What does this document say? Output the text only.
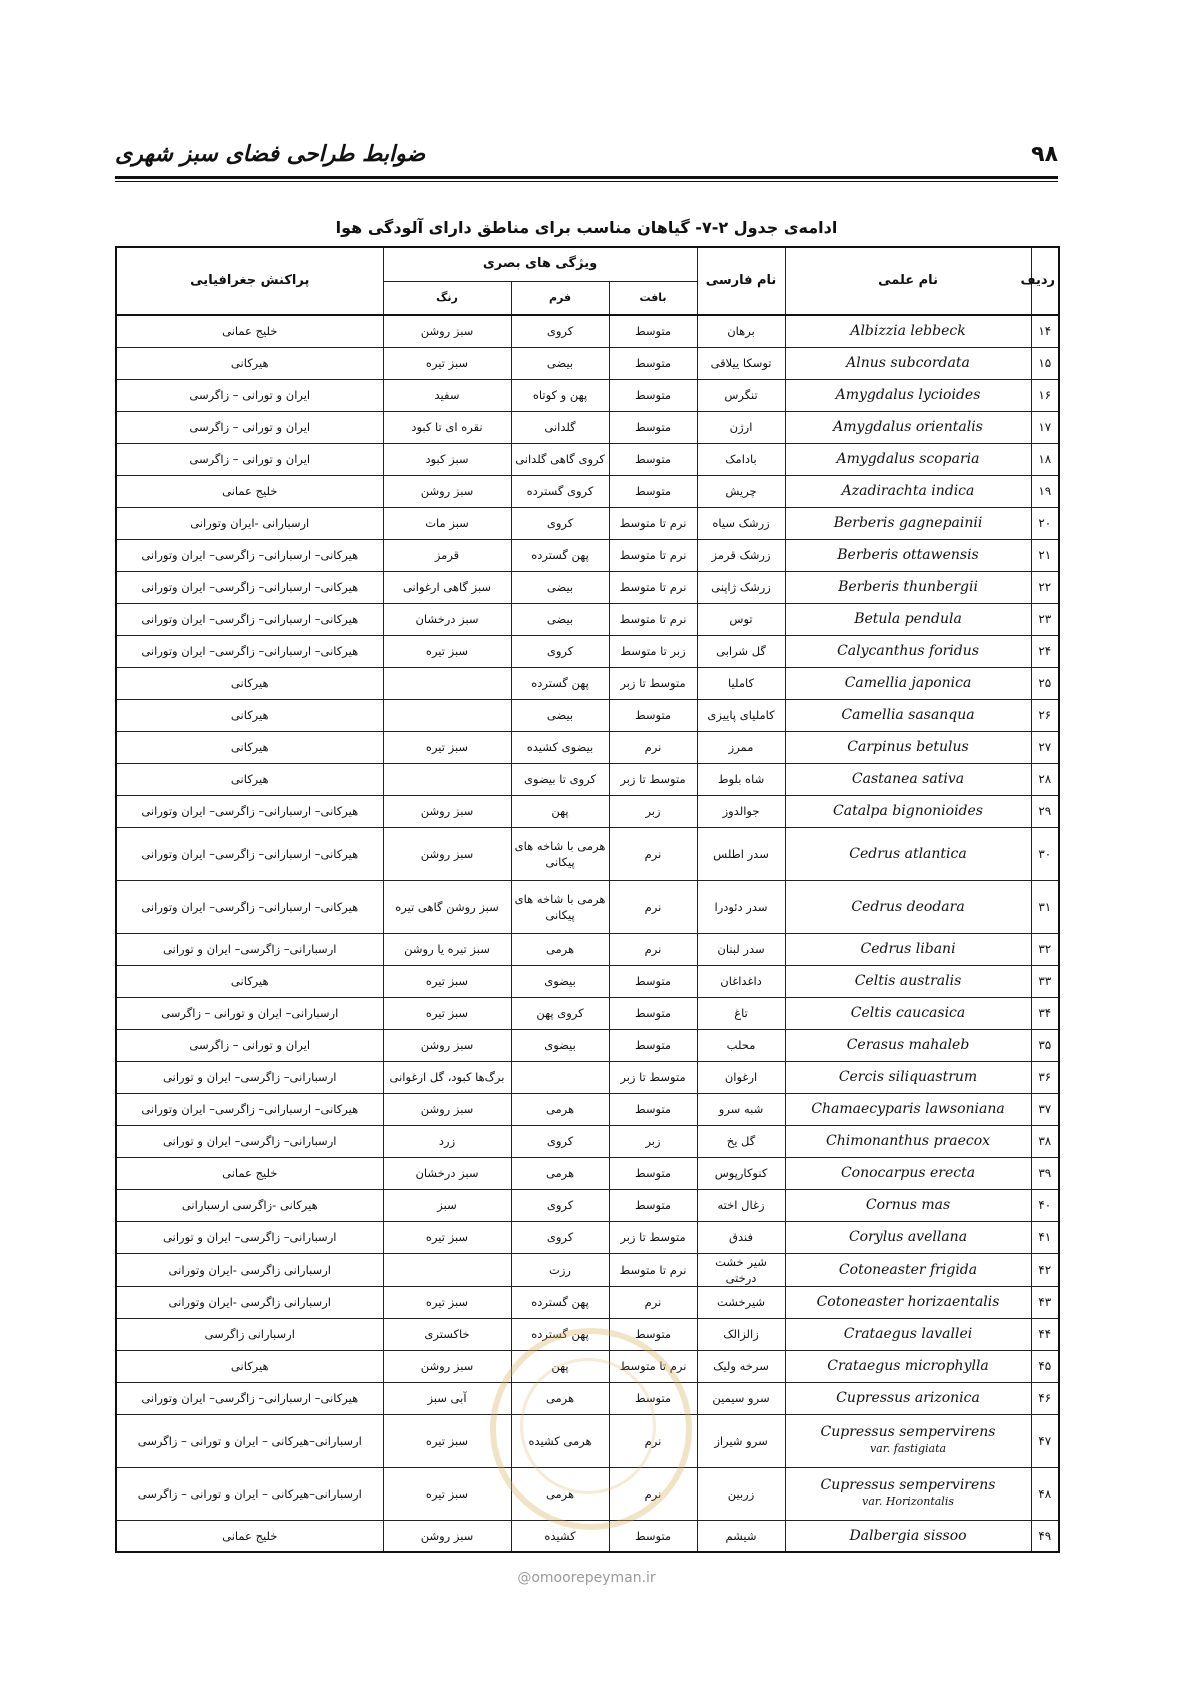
۹۸
ضوابط طراحی فضای سبز شهری
ادامه‌ی جدول ۲-۷- گیاهان مناسب برای مناطق دارای آلودگی هوا
ردیف	نام علمی	نام فارسی	ویژگی های بصری			پراکنش جغرافیایی
			بافت	فرم	رنگ	
۱۴	Albizzia lebbeck	برهان	متوسط	کروی	سبز روشن	خلیج عمانی
۱۵	Alnus subcordata	توسکا ییلاقی	متوسط	بیضی	سبز تیره	هیرکانی
۱۶	Amygdalus lycioides	تنگرس	متوسط	پهن و کوتاه	سفید	ایران و تورانی – زاگرسی
۱۷	Amygdalus orientalis	ارژن	متوسط	گلدانی	نقره ای تا کبود	ایران و تورانی – زاگرسی
۱۸	Amygdalus scoparia	بادامک	متوسط	کروی گاهی گلدانی	سبز کبود	ایران و تورانی – زاگرسی
۱۹	Azadirachta indica	چریش	متوسط	کروی گسترده	سبز روشن	خلیج عمانی
۲۰	Berberis gagnepainii	زرشک سیاه	نرم تا متوسط	کروی	سبز مات	ارسبارانی -ایران وتورانی
۲۱	Berberis ottawensis	زرشک قرمز	نرم تا متوسط	پهن گسترده	قرمز	هیرکانی– ارسبارانی– زاگرسی– ایران وتورانی
۲۲	Berberis thunbergii	زرشک ژاپنی	نرم تا متوسط	بیضی	سبز گاهی ارغوانی	هیرکانی– ارسبارانی– زاگرسی– ایران وتورانی
۲۳	Betula pendula	توس	نرم تا متوسط	بیضی	سبز درخشان	هیرکانی– ارسبارانی– زاگرسی– ایران وتورانی
۲۴	Calycanthus foridus	گل شرابی	زبر تا متوسط	کروی	سبز تیره	هیرکانی– ارسبارانی– زاگرسی– ایران وتورانی
۲۵	Camellia japonica	کاملیا	متوسط تا زبر	پهن گسترده		هیرکانی
۲۶	Camellia sasanqua	کاملیای پاییزی	متوسط	بیضی		هیرکانی
۲۷	Carpinus betulus	ممرز	نرم	بیضوی کشیده	سبز تیره	هیرکانی
۲۸	Castanea sativa	شاه بلوط	متوسط تا زبر	کروی تا بیضوی		هیرکانی
۲۹	Catalpa bignonioides	جوالدوز	زبر	پهن	سبز روشن	هیرکانی– ارسبارانی– زاگرسی– ایران وتورانی
۳۰	Cedrus atlantica	سدر اطلس	نرم	هرمی با شاخه های پیکانی	سبز روشن	هیرکانی– ارسبارانی– زاگرسی– ایران وتورانی
۳۱	Cedrus deodara	سدر دئودرا	نرم	هرمی با شاخه های پیکانی	سبز روشن گاهی تیره	هیرکانی– ارسبارانی– زاگرسی– ایران وتورانی
۳۲	Cedrus libani	سدر لبنان	نرم	هرمی	سبز تیره یا روشن	ارسبارانی– زاگرسی– ایران و تورانی
۳۳	Celtis australis	داغداغان	متوسط	بیضوی	سبز تیره	هیرکانی
۳۴	Celtis caucasica	تاغ	متوسط	کروی پهن	سبز تیره	ارسبارانی– ایران و تورانی – زاگرسی
۳۵	Cerasus mahaleb	محلب	متوسط	بیضوی	سبز روشن	ایران و تورانی – زاگرسی
۳۶	Cercis siliquastrum	ارغوان	متوسط تا زبر		برگ‌ها کبود، گل ارغوانی	ارسبارانی– زاگرسی– ایران و تورانی
۳۷	Chamaecyparis lawsoniana	شبه سرو	متوسط	هرمی	سبز روشن	هیرکانی– ارسبارانی– زاگرسی– ایران وتورانی
۳۸	Chimonanthus praecox	گل یخ	زبر	کروی	زرد	ارسبارانی– زاگرسی– ایران و تورانی
۳۹	Conocarpus erecta	کنوکارپوس	متوسط	هرمی	سبز درخشان	خلیج عمانی
۴۰	Cornus mas	زغال اخته	متوسط	کروی	سبز	هیرکانی -زاگرسی ارسبارانی
۴۱	Corylus avellana	فندق	متوسط تا زبر	کروی	سبز تیره	ارسبارانی– زاگرسی– ایران و تورانی
۴۲	Cotoneaster frigida	شیر خشت درختی	نرم تا متوسط	رزت		ارسبارانی زاگرسی -ایران وتورانی
۴۳	Cotoneaster horizaentalis	شیرخشت	نرم	پهن گسترده	سبز تیره	ارسبارانی زاگرسی -ایران وتورانی
۴۴	Crataegus lavallei	زالزالک	متوسط	پهن گسترده	خاکستری	ارسبارانی زاگرسی
۴۵	Crataegus microphylla	سرخه ولیک	نرم تا متوسط	پهن	سبز روشن	هیرکانی
۴۶	Cupressus arizonica	سرو سیمین	متوسط	هرمی	آبی سبز	هیرکانی– ارسبارانی– زاگرسی– ایران وتورانی
۴۷	Cupressus sempervirens
var. fastigiata	سرو شیراز	نرم	هرمی کشیده	سبز تیره	ارسبارانی–هیرکانی – ایران و تورانی – زاگرسی
۴۸	Cupressus sempervirens
var. Horizontalis	زربین	نرم	هرمی	سبز تیره	ارسبارانی–هیرکانی – ایران و تورانی – زاگرسی
۴۹	Dalbergia sissoo	شیشم	متوسط	کشیده	سبز روشن	خلیج عمانی
@omoorepeyman.ir
